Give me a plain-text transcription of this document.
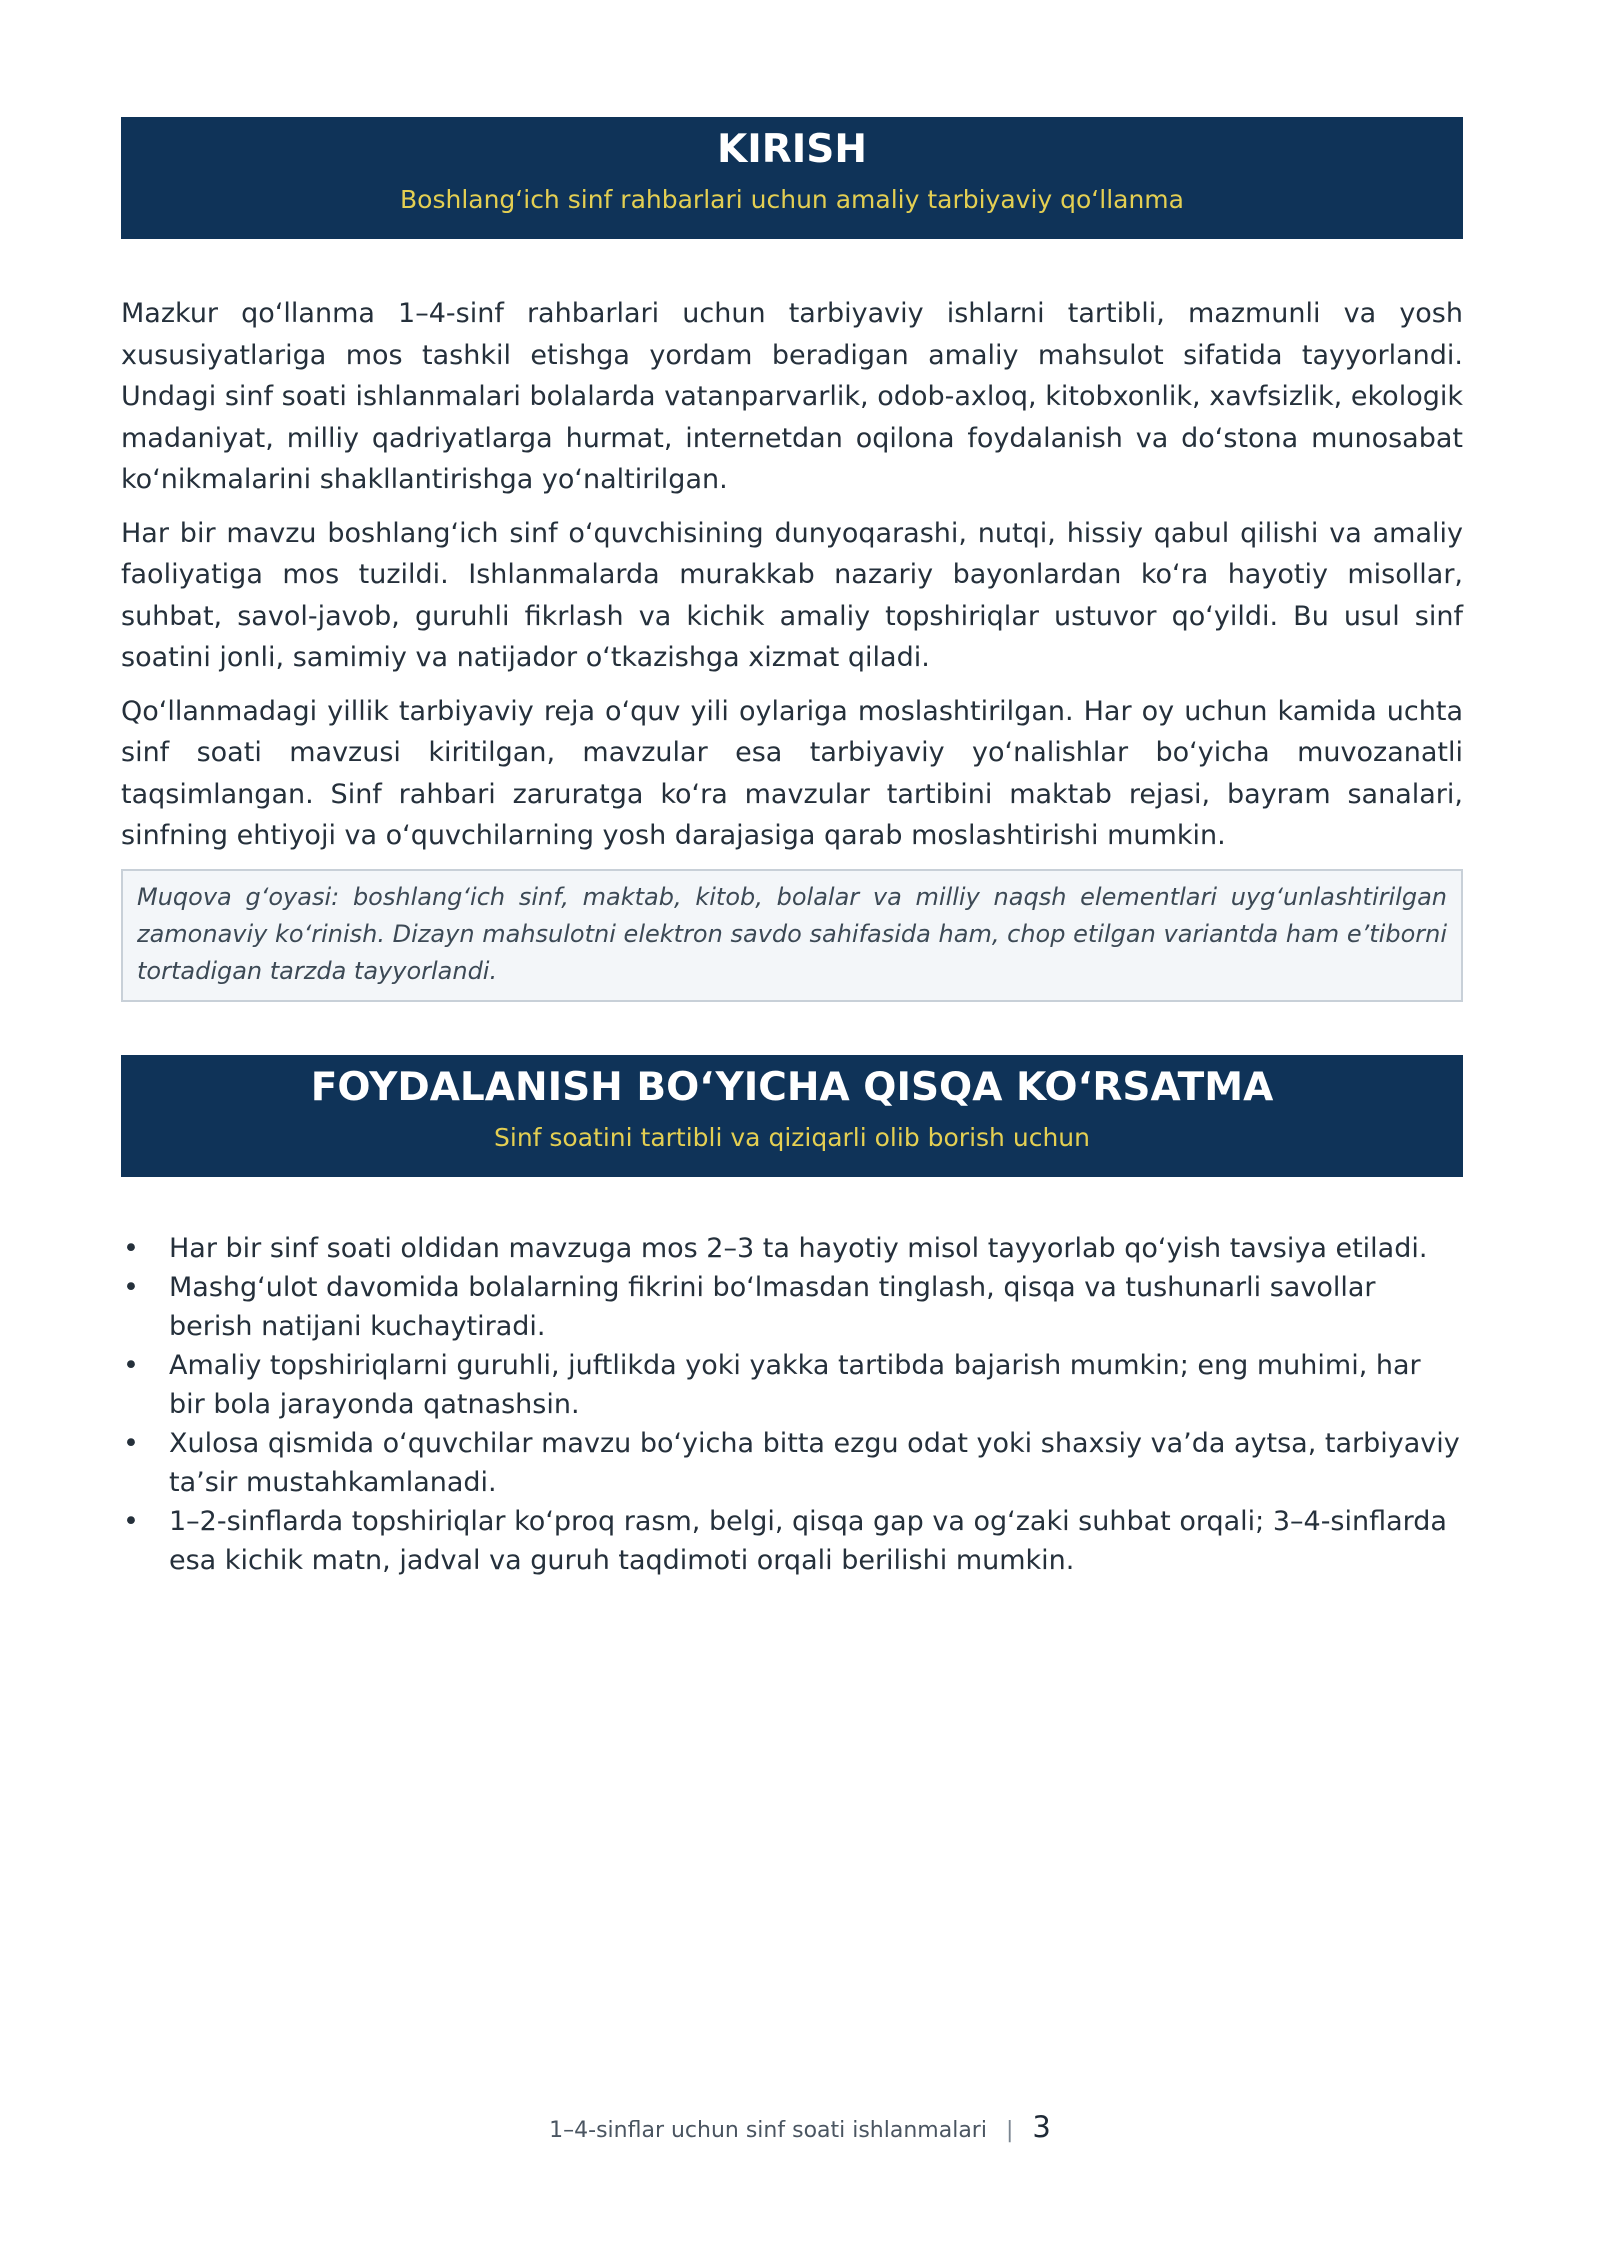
KIRISH
Boshlang‘ich sinf rahbarlari uchun amaliy tarbiyaviy qo‘llanma

Mazkur qo‘llanma 1–4-sinf rahbarlari uchun tarbiyaviy ishlarni tartibli, mazmunli va yosh xususiyatlariga mos tashkil etishga yordam beradigan amaliy mahsulot sifatida tayyorlandi. Undagi sinf soati ishlanmalari bolalarda vatanparvarlik, odob-axloq, kitobxonlik, xavfsizlik, ekologik madaniyat, milliy qadriyatlarga hurmat, internetdan oqilona foydalanish va do‘stona munosabat ko‘nikmalarini shakllantirishga yo‘naltirilgan.

Har bir mavzu boshlang‘ich sinf o‘quvchisining dunyoqarashi, nutqi, hissiy qabul qilishi va amaliy faoliyatiga mos tuzildi. Ishlanmalarda murakkab nazariy bayonlardan ko‘ra hayotiy misollar, suhbat, savol-javob, guruhli fikrlash va kichik amaliy topshiriqlar ustuvor qo‘yildi. Bu usul sinf soatini jonli, samimiy va natijador o‘tkazishga xizmat qiladi.

Qo‘llanmadagi yillik tarbiyaviy reja o‘quv yili oylariga moslashtirilgan. Har oy uchun kamida uchta sinf soati mavzusi kiritilgan, mavzular esa tarbiyaviy yo‘nalishlar bo‘yicha muvozanatli taqsimlangan. Sinf rahbari zaruratga ko‘ra mavzular tartibini maktab rejasi, bayram sanalari, sinfning ehtiyoji va o‘quvchilarning yosh darajasiga qarab moslashtirishi mumkin.

Muqova g‘oyasi: boshlang‘ich sinf, maktab, kitob, bolalar va milliy naqsh elementlari uyg‘unlashtirilgan zamonaviy ko‘rinish. Dizayn mahsulotni elektron savdo sahifasida ham, chop etilgan variantda ham e’tiborni tortadigan tarzda tayyorlandi.
FOYDALANISH BO‘YICHA QISQA KO‘RSATMA
Sinf soatini tartibli va qiziqarli olib borish uchun
• Har bir sinf soati oldidan mavzuga mos 2–3 ta hayotiy misol tayyorlab qo‘yish tavsiya etiladi.
• Mashg‘ulot davomida bolalarning fikrini bo‘lmasdan tinglash, qisqa va tushunarli savollar berish natijani kuchaytiradi.
• Amaliy topshiriqlarni guruhli, juftlikda yoki yakka tartibda bajarish mumkin; eng muhimi, har bir bola jarayonda qatnashsin.
• Xulosa qismida o‘quvchilar mavzu bo‘yicha bitta ezgu odat yoki shaxsiy va’da aytsa, tarbiyaviy ta’sir mustahkamlanadi.
• 1–2-sinflarda topshiriqlar ko‘proq rasm, belgi, qisqa gap va og‘zaki suhbat orqali; 3–4-sinflarda esa kichik matn, jadval va guruh taqdimoti orqali berilishi mumkin.
1–4-sinflar uchun sinf soati ishlanmalari | 3
